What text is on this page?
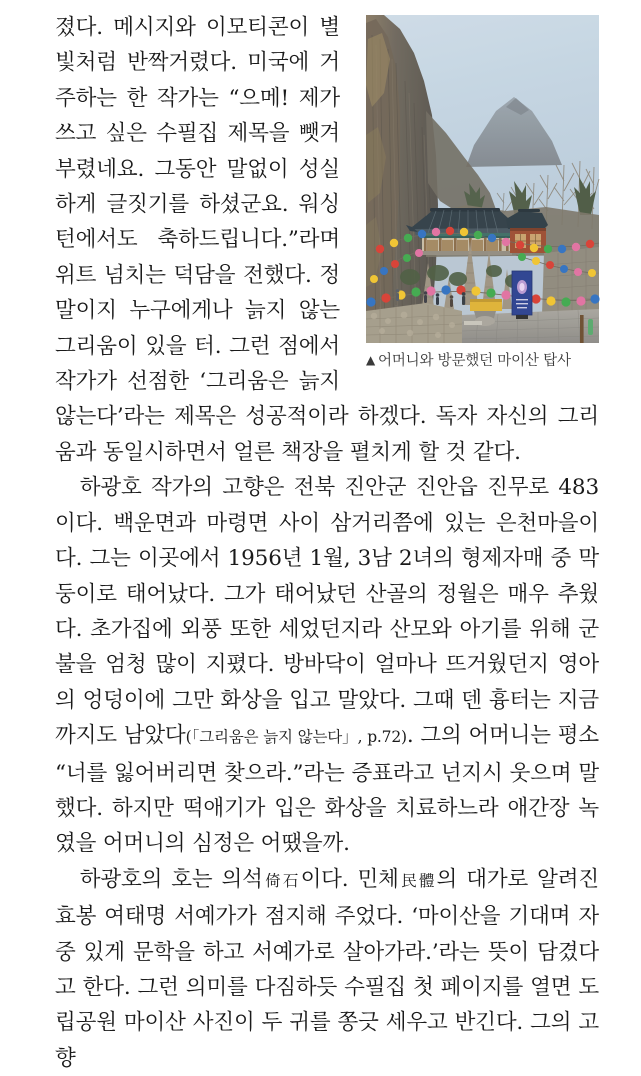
▲ 어머니와 방문했던 마이산 탑사

졌다. 메시지와 이모티콘이 별빛처럼 반짝거렸다. 미국에 거주하는 한 작가는 “으메! 제가 쓰고 싶은 수필집 제목을 뺏겨부렸네요. 그동안 말없이 성실하게 글짓기를 하셨군요. 워싱턴에서도 축하드립니다.”라며 위트 넘치는 덕담을 전했다. 정말이지 누구에게나 늙지 않는 그리움이 있을 터. 그런 점에서 작가가 선점한 ‘그리움은 늙지 않는다’라는 제목은 성공적이라 하겠다. 독자 자신의 그리움과 동일시하면서 얼른 책장을 펼치게 할 것 같다.

하광호 작가의 고향은 전북 진안군 진안읍 진무로 483이다. 백운면과 마령면 사이 삼거리쯤에 있는 은천마을이다. 그는 이곳에서 1956년 1월, 3남 2녀의 형제자매 중 막둥이로 태어났다. 그가 태어났던 산골의 정월은 매우 추웠다. 초가집에 외풍 또한 세었던지라 산모와 아기를 위해 군불을 엄청 많이 지폈다. 방바닥이 얼마나 뜨거웠던지 영아의 엉덩이에 그만 화상을 입고 말았다. 그때 덴 흉터는 지금까지도 남았다(「그리움은 늙지 않는다」, p.72). 그의 어머니는 평소 “너를 잃어버리면 찾으라.”라는 증표라고 넌지시 웃으며 말했다. 하지만 떡애기가 입은 화상을 치료하느라 애간장 녹였을 어머니의 심정은 어땠을까.

하광호의 호는 의석倚石이다. 민체民體의 대가로 알려진 효봉 여태명 서예가가 점지해 주었다. ‘마이산을 기대며 자중 있게 문학을 하고 서예가로 살아가라.’라는 뜻이 담겼다고 한다. 그런 의미를 다짐하듯 수필집 첫 페이지를 열면 도립공원 마이산 사진이 두 귀를 쫑긋 세우고 반긴다. 그의 고향
